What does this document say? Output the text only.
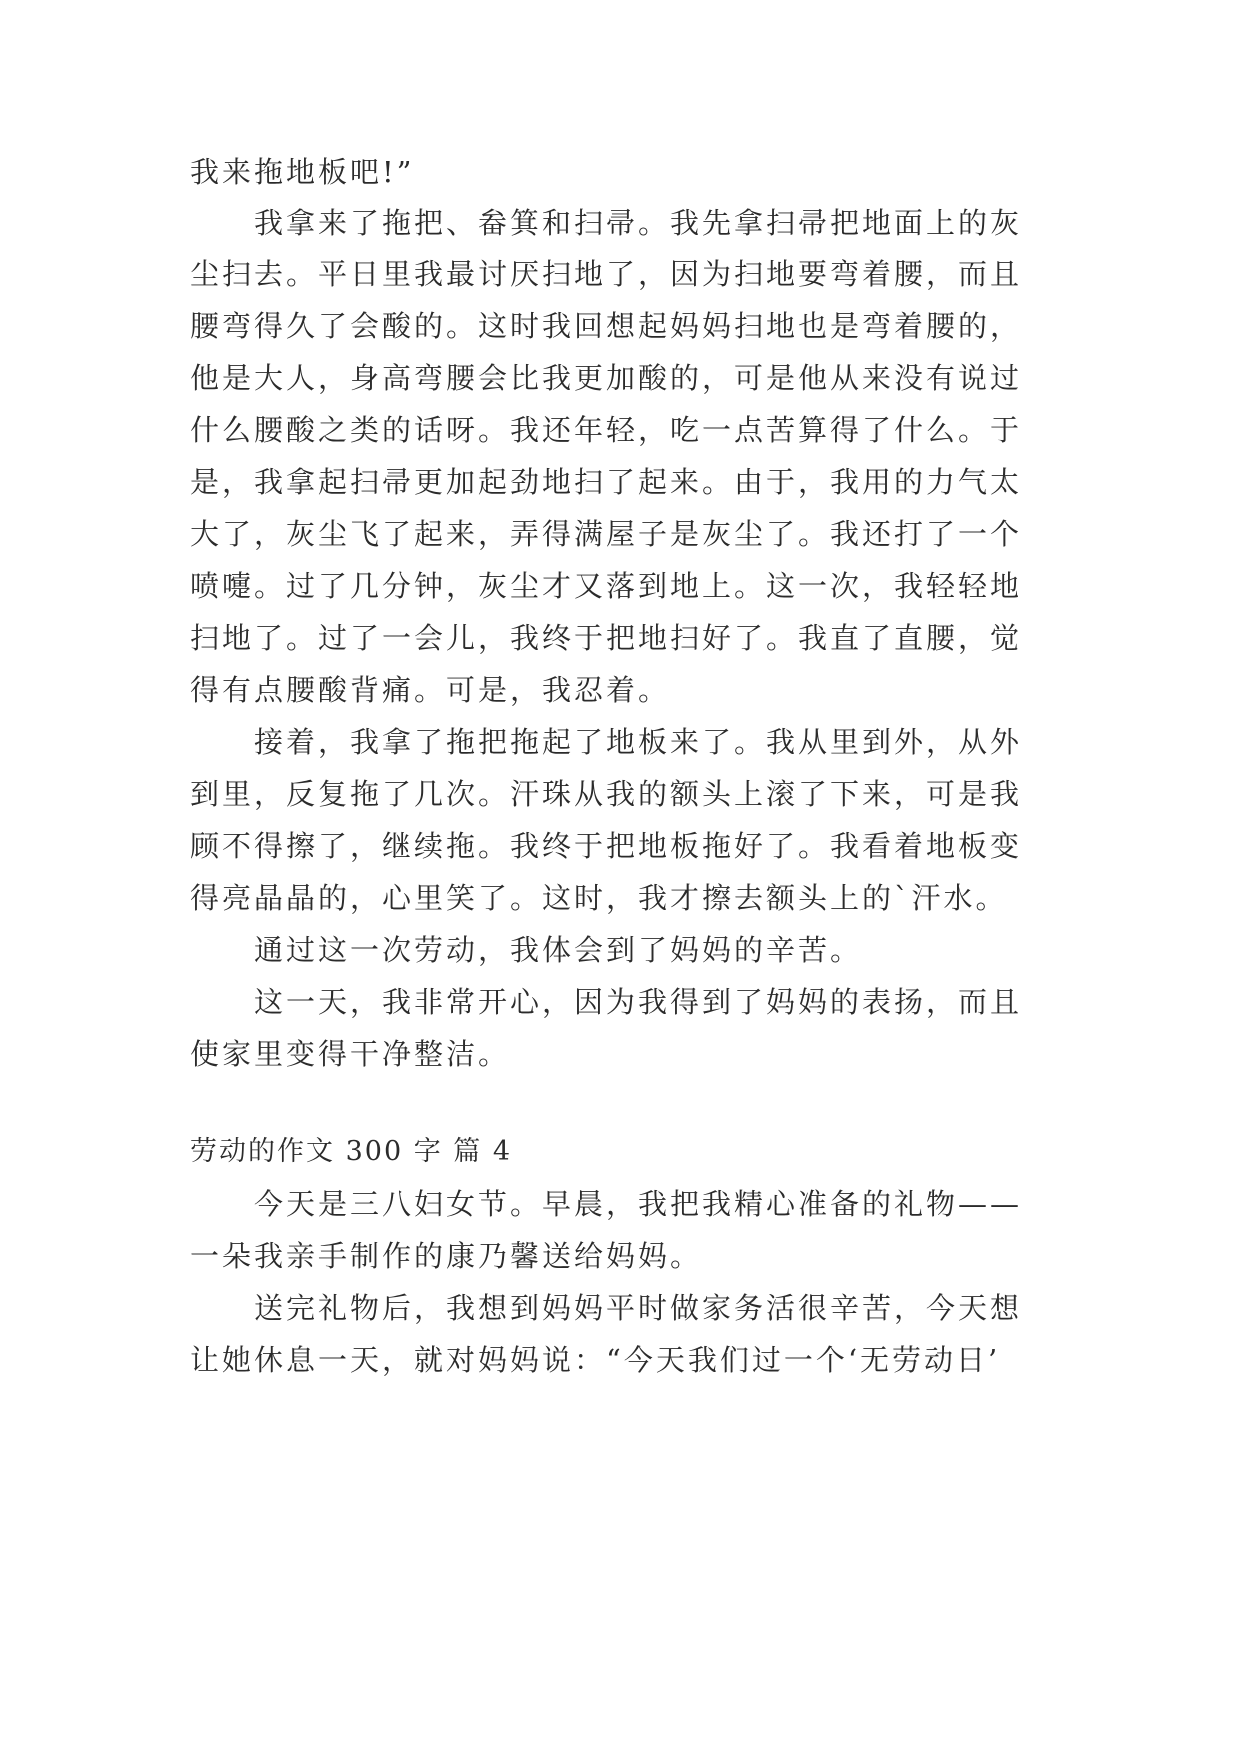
我来拖地板吧!”
我拿来了拖把、畚箕和扫帚。我先拿扫帚把地面上的灰
尘扫去。平日里我最讨厌扫地了，因为扫地要弯着腰，而且
腰弯得久了会酸的。这时我回想起妈妈扫地也是弯着腰的，
他是大人，身高弯腰会比我更加酸的，可是他从来没有说过
什么腰酸之类的话呀。我还年轻，吃一点苦算得了什么。于
是，我拿起扫帚更加起劲地扫了起来。由于，我用的力气太
大了，灰尘飞了起来，弄得满屋子是灰尘了。我还打了一个
喷嚏。过了几分钟，灰尘才又落到地上。这一次，我轻轻地
扫地了。过了一会儿，我终于把地扫好了。我直了直腰，觉
得有点腰酸背痛。可是，我忍着。
接着，我拿了拖把拖起了地板来了。我从里到外，从外
到里，反复拖了几次。汗珠从我的额头上滚了下来，可是我
顾不得擦了，继续拖。我终于把地板拖好了。我看着地板变
得亮晶晶的，心里笑了。这时，我才擦去额头上的`汗水。
通过这一次劳动，我体会到了妈妈的辛苦。
这一天，我非常开心，因为我得到了妈妈的表扬，而且
使家里变得干净整洁。
劳动的作文 300 字 篇 4
今天是三八妇女节。早晨，我把我精心准备的礼物——
一朵我亲手制作的康乃馨送给妈妈。
送完礼物后，我想到妈妈平时做家务活很辛苦，今天想
让她休息一天，就对妈妈说：“今天我们过一个‘无劳动日’
